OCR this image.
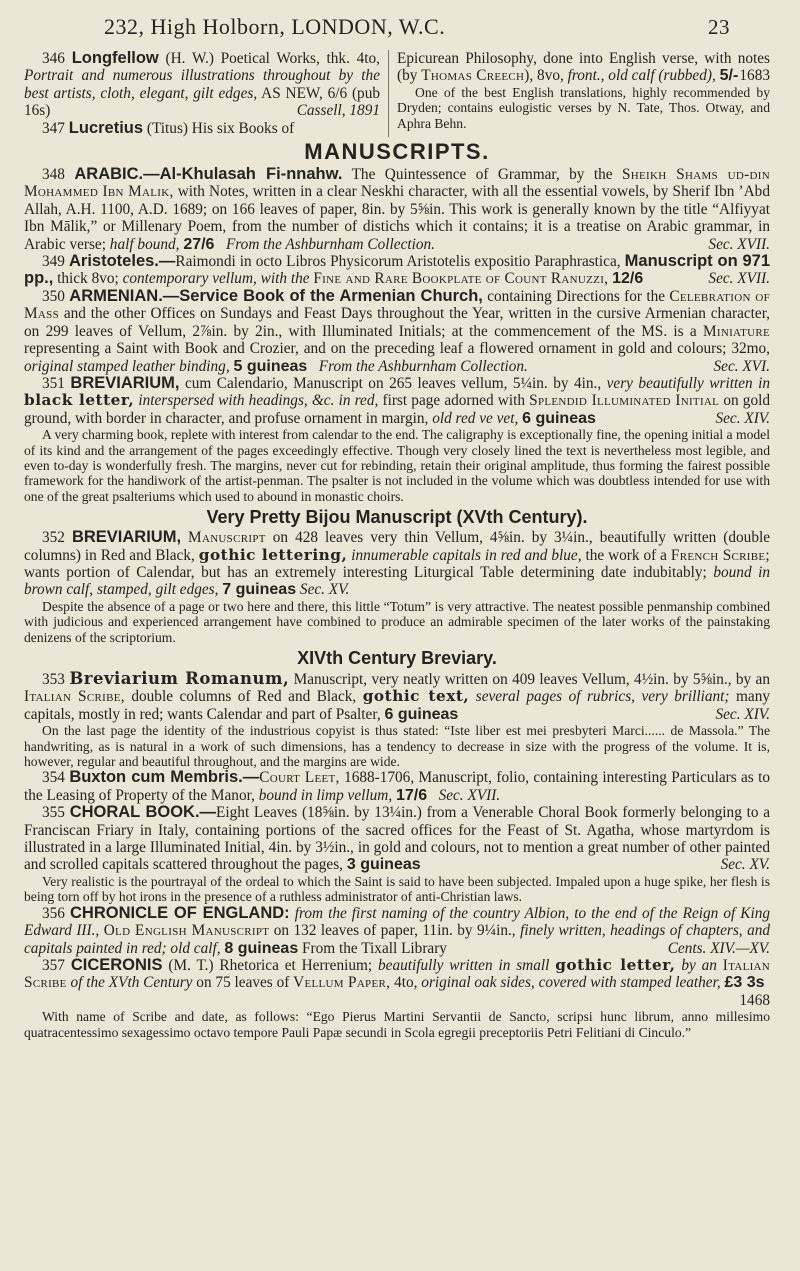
232, High Holborn, LONDON, W.C.	23

346 Longfellow (H. W.) Poetical Works, thk. 4to, Portrait and numerous illustrations throughout by the best artists, cloth, elegant, gilt edges, AS NEW, 6/6 (pub 16s)	Cassell, 1891

347 Lucretius (Titus) His six Books of

Epicurean Philosophy, done into English verse, with notes (by Thomas Creech), 8vo, front., old calf (rubbed), 5/- 1683

One of the best English translations, highly recommended by Dryden; contains eulogistic verses by N. Tate, Thos. Otway, and Aphra Behn.

MANUSCRIPTS.

348 ARABIC.—Al-Khulasah Fi-nnahw. The Quintessence of Grammar, by the Sheikh Shams ud-din Mohammed Ibn Malik, with Notes, written in a clear Neskhi character, with all the essential vowels, by Sherif Ibn ’Abd Allah, A.H. 1100, A.D. 1689; on 166 leaves of paper, 8in. by 5⅝in. This work is generally known by the title “Alfiyyat Ibn Mālik,” or Millenary Poem, from the number of distichs which it contains; it is a treatise on Arabic grammar, in Arabic verse; half bound, 27/6 From the Ashburnham Collection.	Sec. XVII.

349 Aristoteles.—Raimondi in octo Libros Physicorum Aristotelis expositio Paraphrastica, Manuscript on 971 pp., thick 8vo; contemporary vellum, with the Fine and Rare Bookplate of Count Ranuzzi, 12/6	Sec. XVII.

350 ARMENIAN.—Service Book of the Armenian Church, containing Directions for the Celebration of Mass and the other Offices on Sundays and Feast Days throughout the Year, written in the cursive Armenian character, on 299 leaves of Vellum, 2⅞in. by 2in., with Illuminated Initials; at the commencement of the MS. is a Miniature representing a Saint with Book and Crozier, and on the preceding leaf a flowered ornament in gold and colours; 32mo, original stamped leather binding, 5 guineas From the Ashburnham Collection.	Sec. XVI.

351 BREVIARIUM, cum Calendario, Manuscript on 265 leaves vellum, 5¼in. by 4in., very beautifully written in black letter, interspersed with headings, &c. in red, first page adorned with Splendid Illuminated Initial on gold ground, with border in character, and profuse ornament in margin, old red ve vet, 6 guineas	Sec. XIV.

A very charming book, replete with interest from calendar to the end. The caligraphy is exceptionally fine, the opening initial a model of its kind and the arrangement of the pages exceedingly effective. Though very closely lined the text is nevertheless most legible, and even to-day is wonderfully fresh. The margins, never cut for rebinding, retain their original amplitude, thus forming the fairest possible framework for the handiwork of the artist-penman. The psalter is not included in the volume which was doubtless intended for use with one of the great psalteriums which used to abound in monastic choirs.

Very Pretty Bijou Manuscript (XVth Century).

352 BREVIARIUM, Manuscript on 428 leaves very thin Vellum, 4⅝in. by 3¼in., beautifully written (double columns) in Red and Black, gothic lettering, innumerable capitals in red and blue, the work of a French Scribe; wants portion of Calendar, but has an extremely interesting Liturgical Table determining date indubitably; bound in brown calf, stamped, gilt edges, 7 guineas Sec. XV.

Despite the absence of a page or two here and there, this little “Totum” is very attractive. The neatest possible penmanship combined with judicious and experienced arrangement have combined to produce an admirable specimen of the later works of the painstaking denizens of the scriptorium.

XIVth Century Breviary.

353 Breviarium Romanum, Manuscript, very neatly written on 409 leaves Vellum, 4½in. by 5⅝in., by an Italian Scribe, double columns of Red and Black, gothic text, several pages of rubrics, very brilliant; many capitals, mostly in red; wants Calendar and part of Psalter, 6 guineas	Sec. XIV.

On the last page the identity of the industrious copyist is thus stated: “Iste liber est mei presbyteri Marci...... de Massola.” The handwriting, as is natural in a work of such dimensions, has a tendency to decrease in size with the progress of the volume. It is, however, regular and beautiful throughout, and the margins are wide.

354 Buxton cum Membris.—Court Leet, 1688-1706, Manuscript, folio, containing interesting Particulars as to the Leasing of Property of the Manor, bound in limp vellum, 17/6 Sec. XVII.

355 CHORAL BOOK.—Eight Leaves (18⅝in. by 13¼in.) from a Venerable Choral Book formerly belonging to a Franciscan Friary in Italy, containing portions of the sacred offices for the Feast of St. Agatha, whose martyrdom is illustrated in a large Illuminated Initial, 4in. by 3½in., in gold and colours, not to mention a great number of other painted and scrolled capitals scattered throughout the pages, 3 guineas	Sec. XV.

Very realistic is the pourtrayal of the ordeal to which the Saint is said to have been subjected. Impaled upon a huge spike, her flesh is being torn off by hot irons in the presence of a ruthless administrator of anti-Christian laws.

356 CHRONICLE OF ENGLAND: from the first naming of the country Albion, to the end of the Reign of King Edward III., Old English Manuscript on 132 leaves of paper, 11in. by 9¼in., finely written, headings of chapters, and capitals painted in red; old calf, 8 guineas From the Tixall Library	Cents. XIV.—XV.

357 CICERONIS (M. T.) Rhetorica et Herrenium; beautifully written in small gothic letter, by an Italian Scribe of the XVth Century on 75 leaves of Vellum Paper, 4to, original oak sides, covered with stamped leather, £3 3s
1468

With name of Scribe and date, as follows: “Ego Pierus Martini Servantii de Sancto, scripsi hunc librum, anno millesimo quatracentessimo sexagessimo octavo tempore Pauli Papæ secundi in Scola egregii preceptoriis Petri Felitiani di Cinculo.”
